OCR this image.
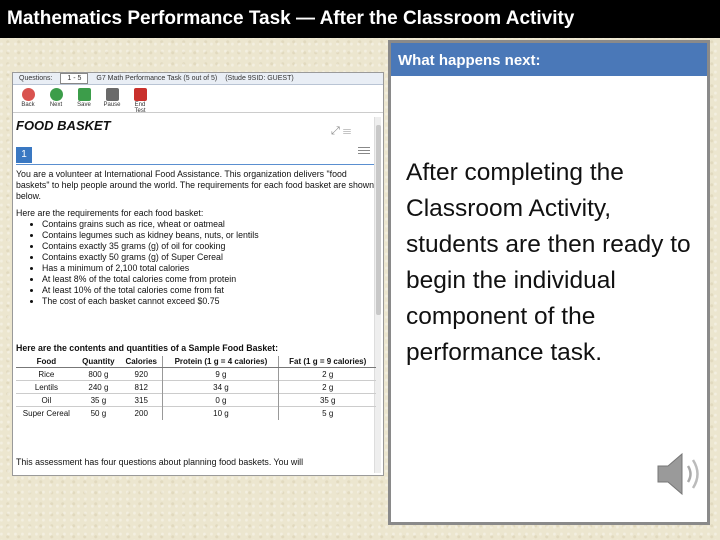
Mathematics Performance Task — After the Classroom Activity
Questions: 1 - 5 G7 Math Performance Task (5 out of 5) (Stude 9SID: GUEST)
Back	Next	Save	Pause	End Test
FOOD BASKET	⤢ ☰
1

You are a volunteer at International Food Assistance. This organization delivers "food baskets" to help people around the world. The requirements for each food basket are shown below.

Here are the requirements for each food basket:
• Contains grains such as rice, wheat or oatmeal
• Contains legumes such as kidney beans, nuts, or lentils
• Contains exactly 35 grams (g) of oil for cooking
• Contains exactly 50 grams (g) of Super Cereal
• Has a minimum of 2,100 total calories
• At least 8% of the total calories come from protein
• At least 10% of the total calories come from fat
• The cost of each basket cannot exceed $0.75
Here are the contents and quantities of a Sample Food Basket:
Food	Quantity	Calories	Protein (1 g = 4 calories)	Fat (1 g = 9 calories)
Rice	800 g	920	9 g	2 g
Lentils	240 g	812	34 g	2 g
Oil	35 g	315	0 g	35 g
Super Cereal	50 g	200	10 g	5 g
This assessment has four questions about planning food baskets. You will
What happens next:
After completing the Classroom Activity, students are then ready to begin the individual component of the performance task.
